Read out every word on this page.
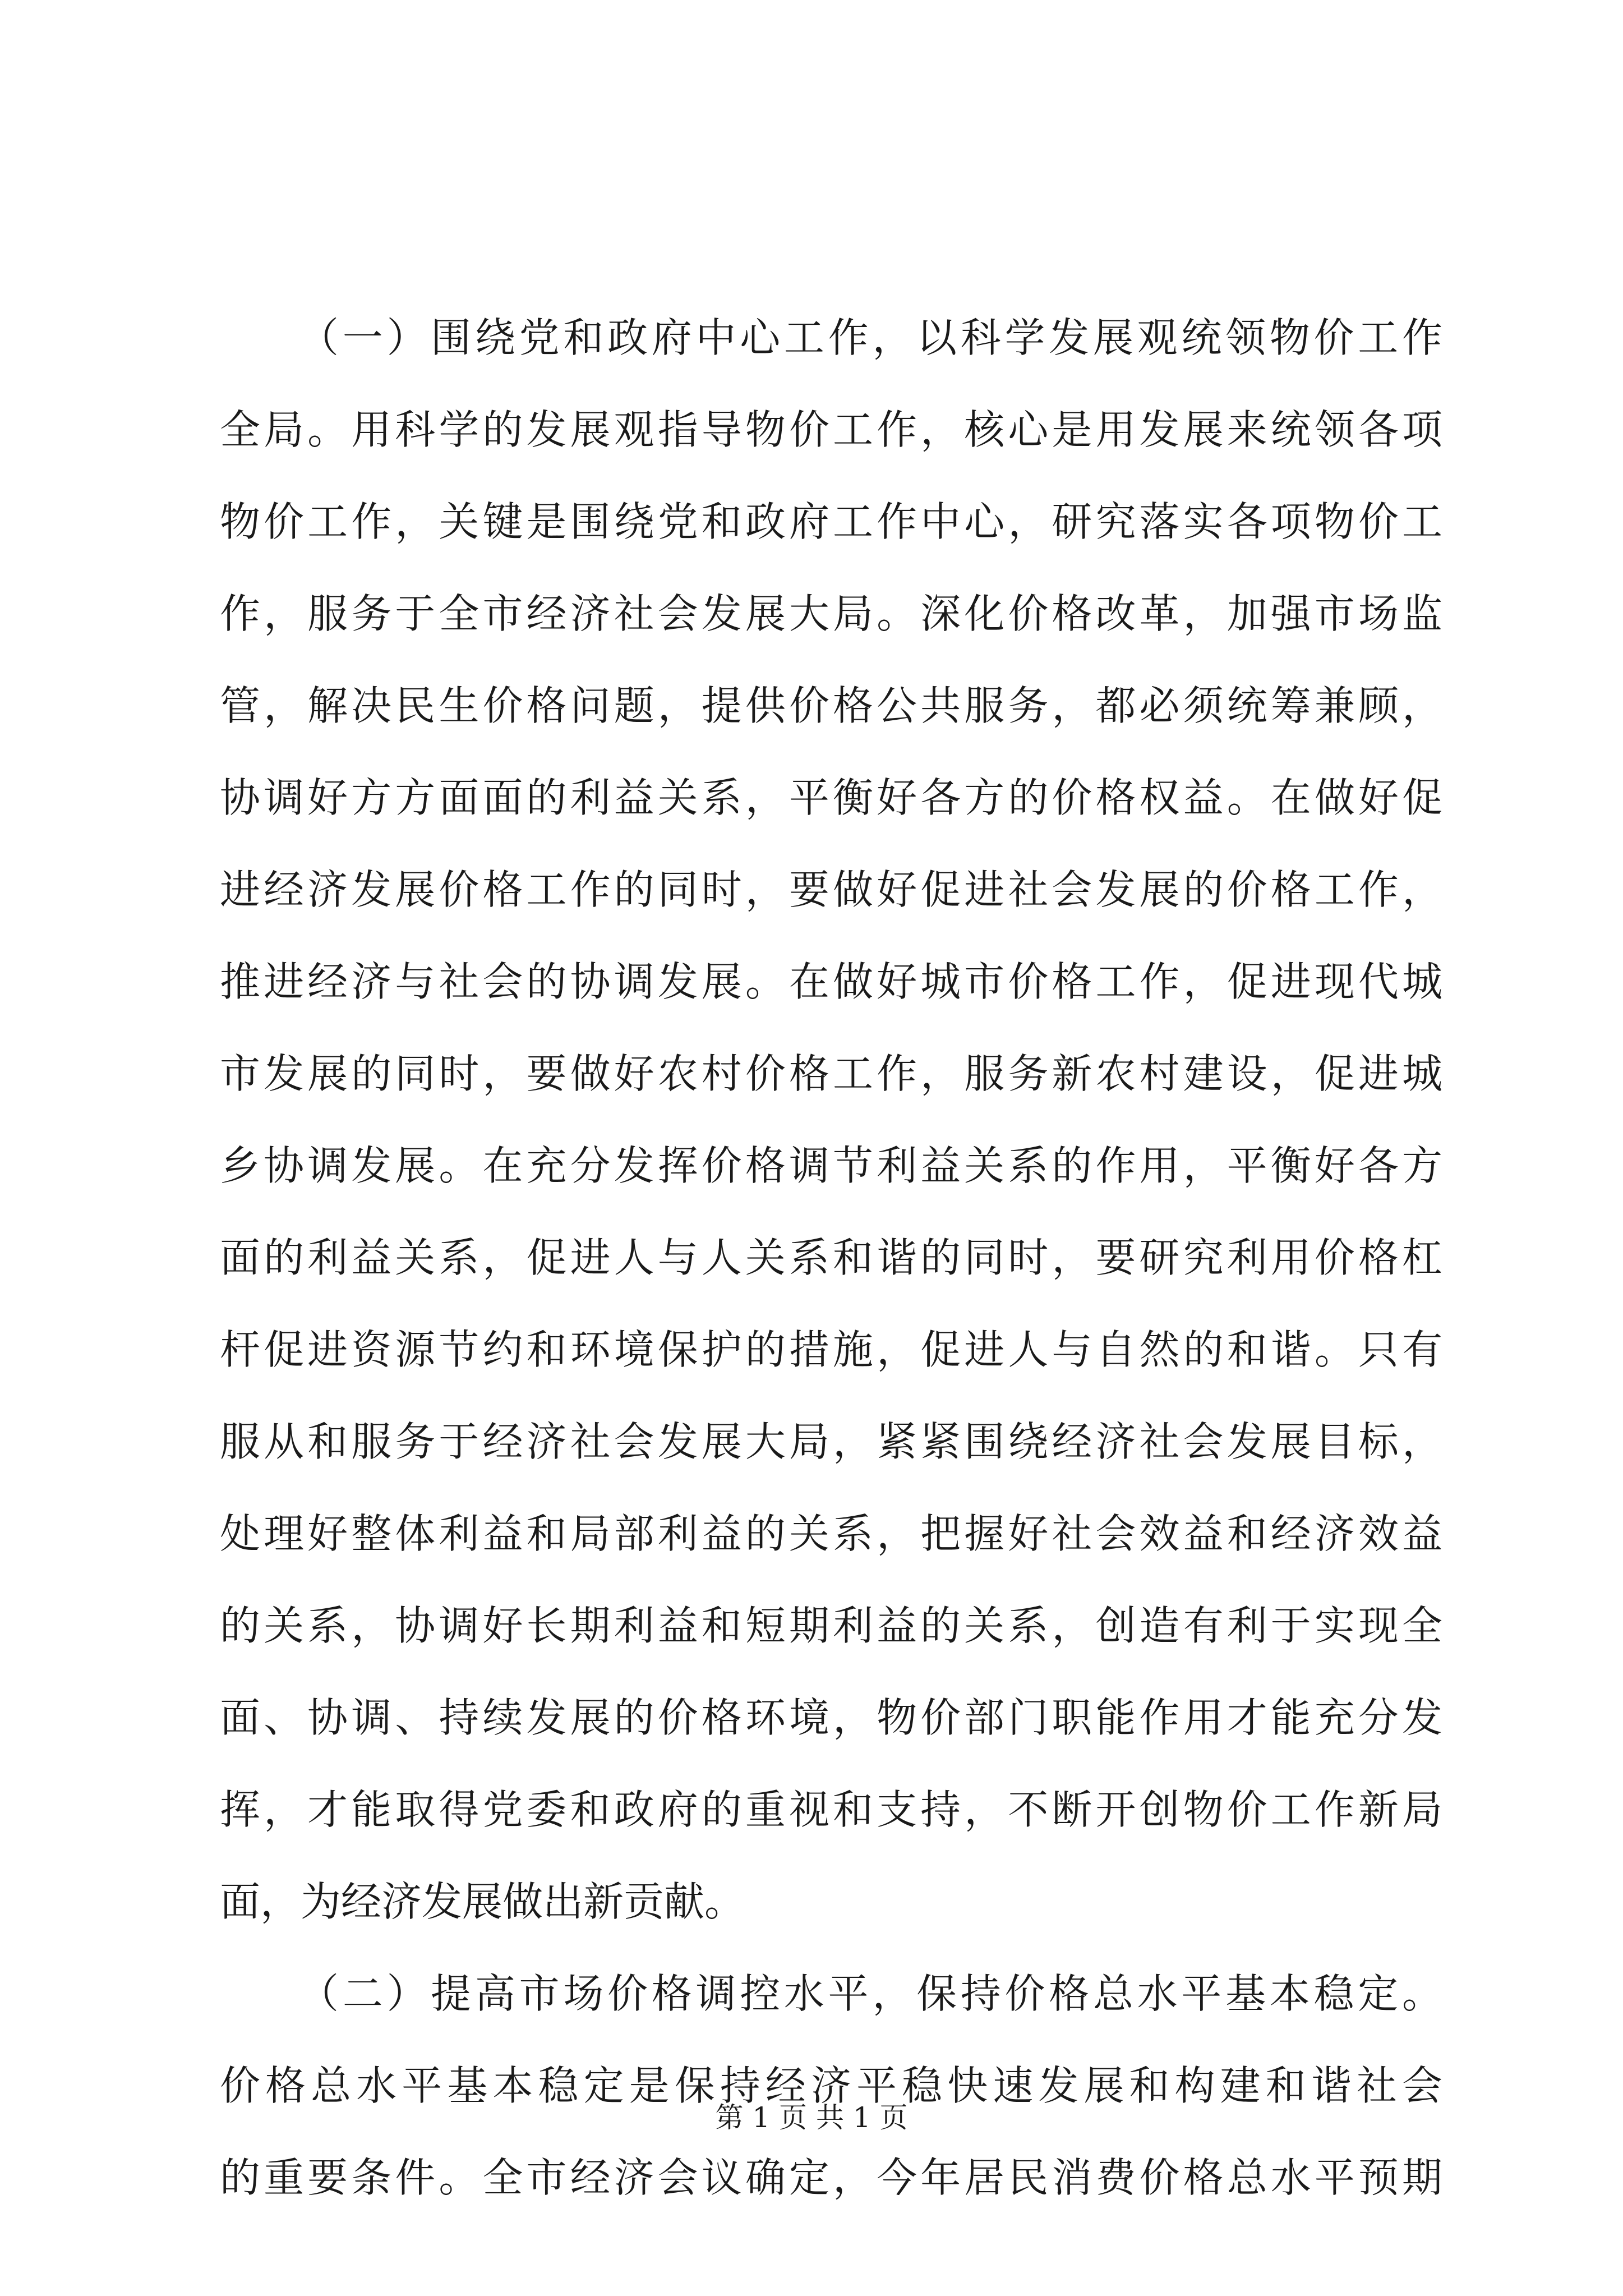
（一）围绕党和政府中心工作，以科学发展观统领物价工作
全局。用科学的发展观指导物价工作，核心是用发展来统领各项
物价工作，关键是围绕党和政府工作中心，研究落实各项物价工
作，服务于全市经济社会发展大局。深化价格改革，加强市场监
管，解决民生价格问题，提供价格公共服务，都必须统筹兼顾，
协调好方方面面的利益关系，平衡好各方的价格权益。在做好促
进经济发展价格工作的同时，要做好促进社会发展的价格工作，
推进经济与社会的协调发展。在做好城市价格工作，促进现代城
市发展的同时，要做好农村价格工作，服务新农村建设，促进城
乡协调发展。在充分发挥价格调节利益关系的作用，平衡好各方
面的利益关系，促进人与人关系和谐的同时，要研究利用价格杠
杆促进资源节约和环境保护的措施，促进人与自然的和谐。只有
服从和服务于经济社会发展大局，紧紧围绕经济社会发展目标，
处理好整体利益和局部利益的关系，把握好社会效益和经济效益
的关系，协调好长期利益和短期利益的关系，创造有利于实现全
面、协调、持续发展的价格环境，物价部门职能作用才能充分发
挥，才能取得党委和政府的重视和支持，不断开创物价工作新局
面，为经济发展做出新贡献。
（二）提高市场价格调控水平，保持价格总水平基本稳定。
价格总水平基本稳定是保持经济平稳快速发展和构建和谐社会
的重要条件。全市经济会议确定，今年居民消费价格总水平预期
第 1 页 共 1 页
